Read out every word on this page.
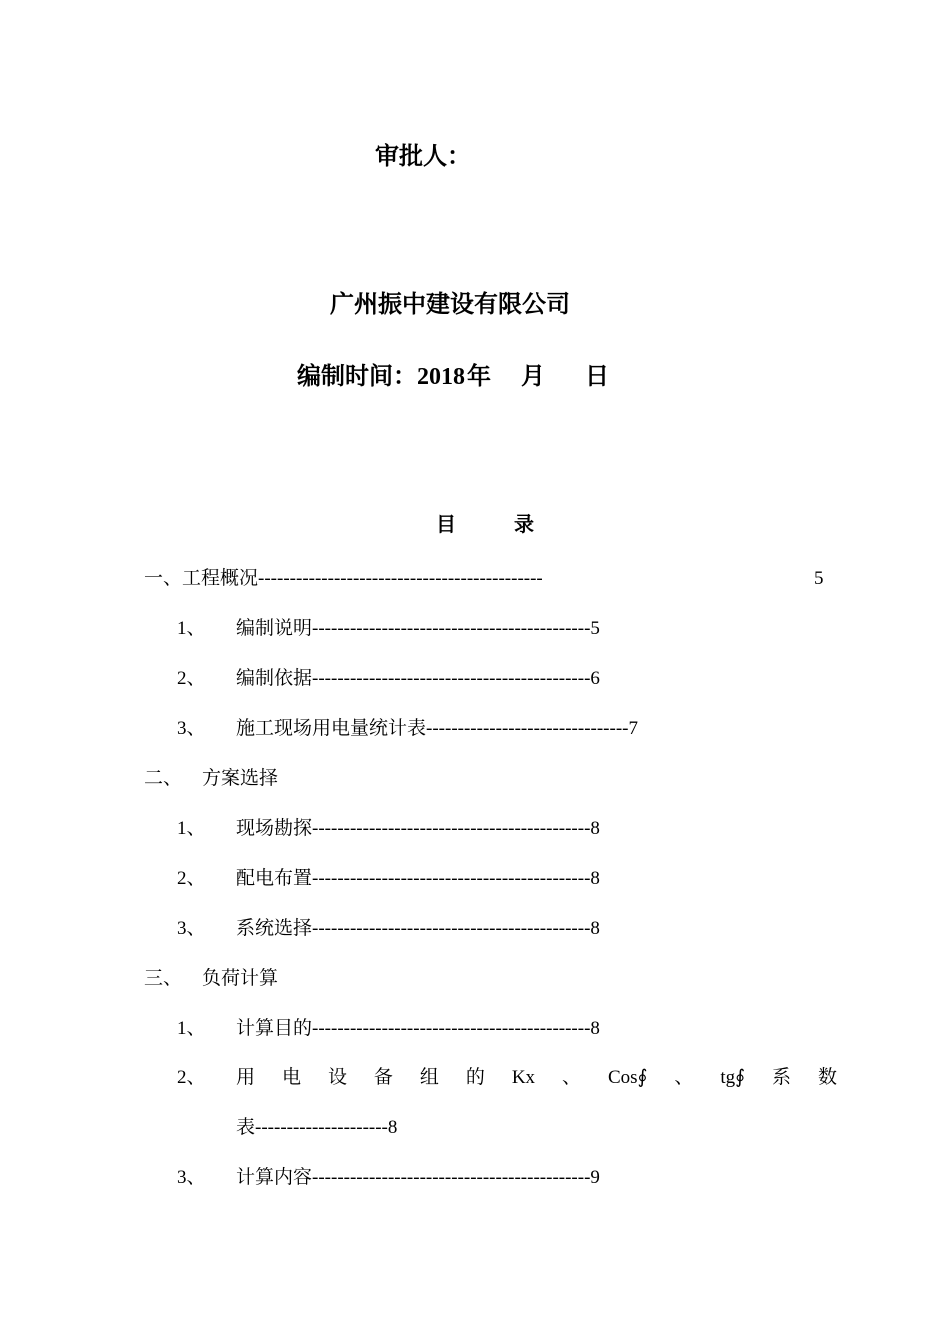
审批人：
广州振中建设有限公司
编制时间：2018年 月 日
目	录
一、工程概况---------------------------------------------	5
1、 编制说明--------------------------------------------5
2、 编制依据--------------------------------------------6
3、 施工现场用电量统计表--------------------------------7
二、 方案选择
1、 现场勘探--------------------------------------------8
2、 配电布置--------------------------------------------8
3、 系统选择--------------------------------------------8
三、 负荷计算
1、 计算目的--------------------------------------------8
2、 用 电 设 备 组 的 Kx 、 Cos∮ 、 tg∮ 系 数
表---------------------8
3、 计算内容--------------------------------------------9
